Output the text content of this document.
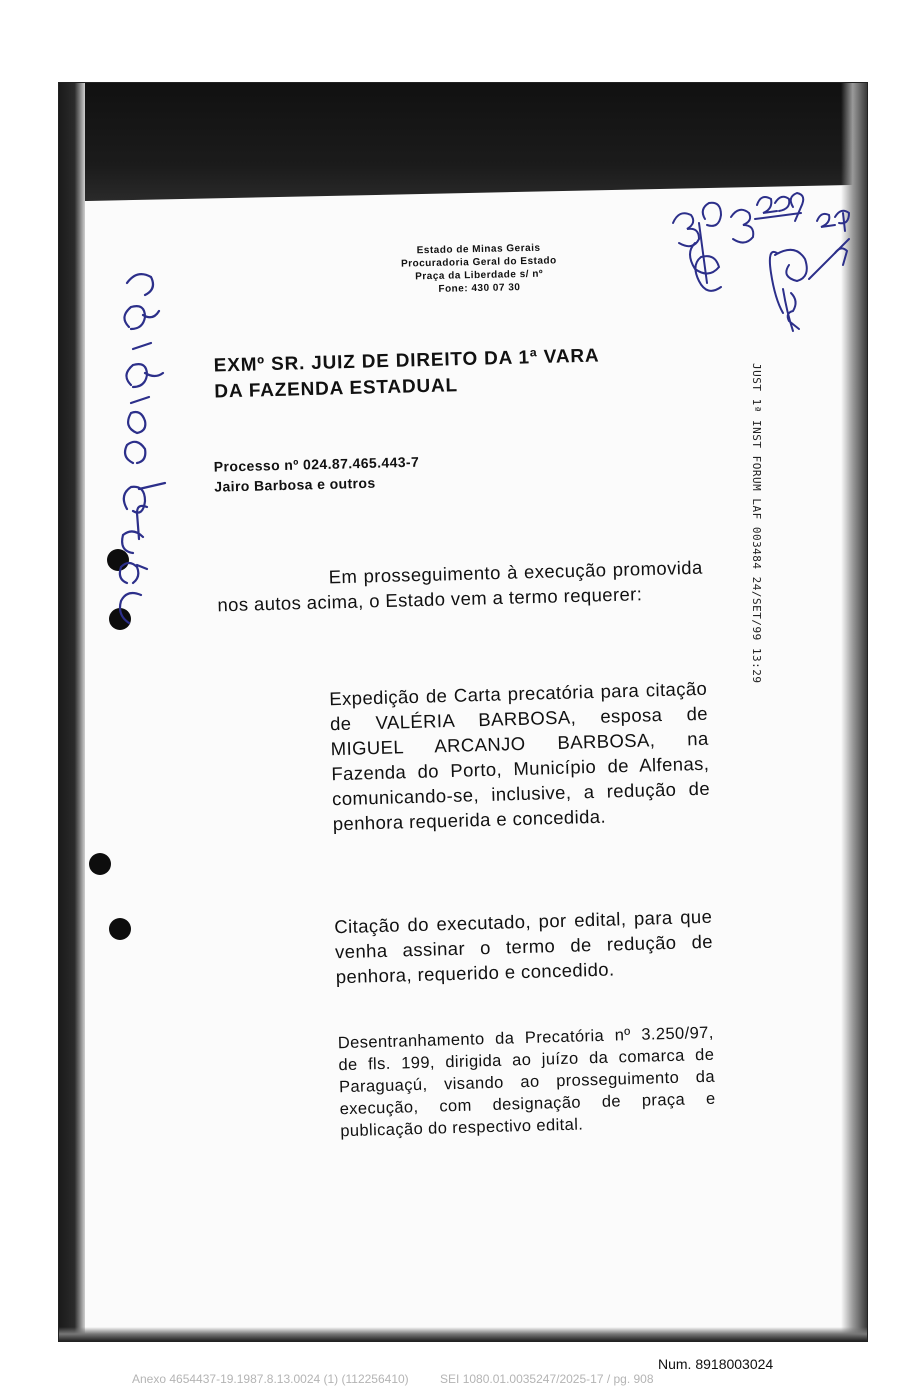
Estado de Minas Gerais
Procuradoria Geral do Estado
Praça da Liberdade s/ nº
Fone: 430 07 30
EXMº SR. JUIZ DE DIREITO DA 1ª VARA
DA FAZENDA ESTADUAL
Processo nº 024.87.465.443-7
Jairo Barbosa e outros
Em prosseguimento à execução promovida nos autos acima, o Estado vem a termo requerer:
Expedição de Carta precatória para citação de VALÉRIA BARBOSA, esposa de MIGUEL ARCANJO BARBOSA, na Fazenda do Porto, Município de Alfenas, comunicando-se, inclusive, a redução de penhora requerida e concedida.
Citação do executado, por edital, para que venha assinar o termo de redução de penhora, requerido e concedido.
Desentranhamento da Precatória nº 3.250/97, de fls. 199, dirigida ao juízo da comarca de Paraguaçú, visando ao prosseguimento da execução, com designação de praça e publicação do respectivo edital.
JUST 1ª INST FORUM LAF 003484 24/SET/99 13:29
Num. 8918003024
Anexo 4654437-19.1987.8.13.0024 (1) (112256410)	SEI 1080.01.0035247/2025-17 / pg. 908
